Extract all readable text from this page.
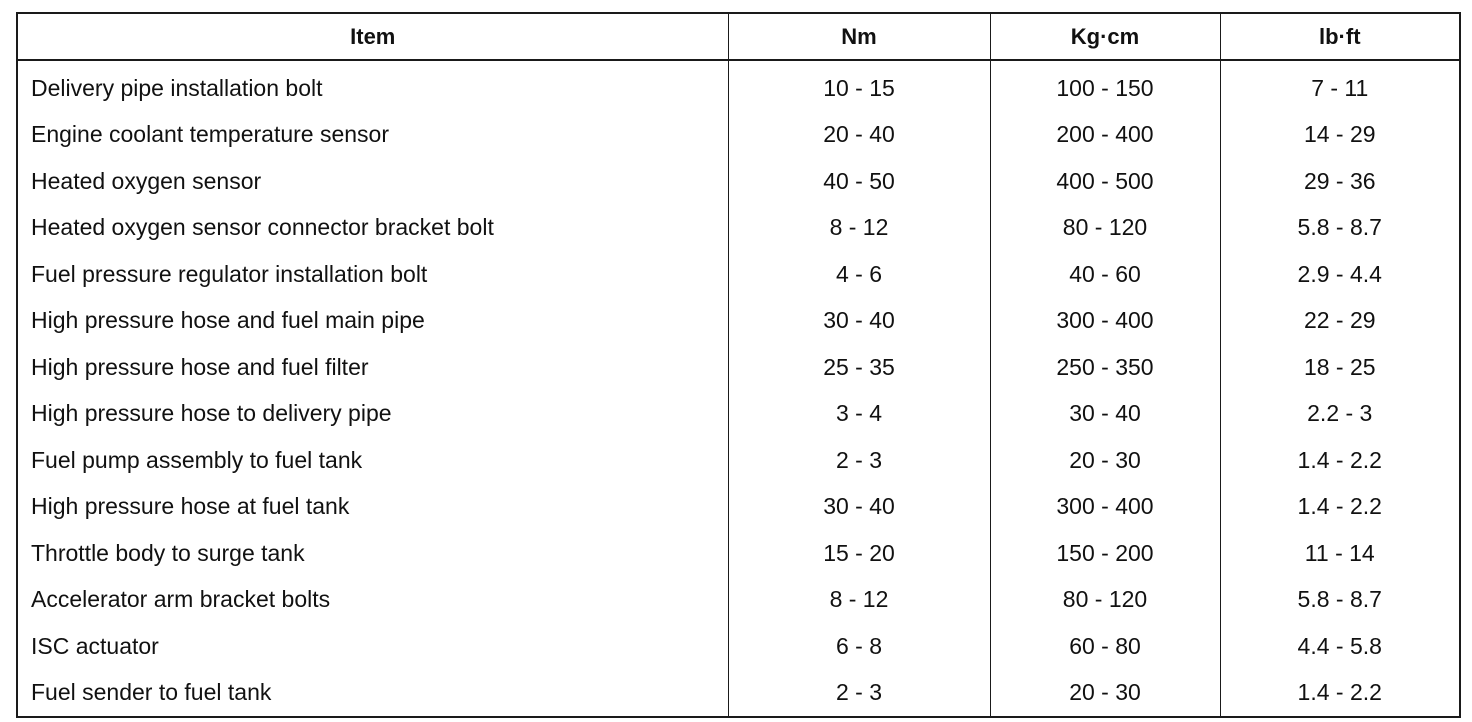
Item	Nm	Kg·cm	lb·ft
Delivery pipe installation bolt	10 - 15	100 - 150	7 - 11
Engine coolant temperature sensor	20 - 40	200 - 400	14 - 29
Heated oxygen sensor	40 - 50	400 - 500	29 - 36
Heated oxygen sensor connector bracket bolt	8 - 12	80 - 120	5.8 - 8.7
Fuel pressure regulator installation bolt	4 - 6	40 - 60	2.9 - 4.4
High pressure hose and fuel main pipe	30 - 40	300 - 400	22 - 29
High pressure hose and fuel filter	25 - 35	250 - 350	18 - 25
High pressure hose to delivery pipe	3 - 4	30 - 40	2.2 - 3
Fuel pump assembly to fuel tank	2 - 3	20 - 30	1.4 - 2.2
High pressure hose at fuel tank	30 - 40	300 - 400	1.4 - 2.2
Throttle body to surge tank	15 - 20	150 - 200	11 - 14
Accelerator arm bracket bolts	8 - 12	80 - 120	5.8 - 8.7
ISC actuator	6 - 8	60 - 80	4.4 - 5.8
Fuel sender to fuel tank	2 - 3	20 - 30	1.4 - 2.2
